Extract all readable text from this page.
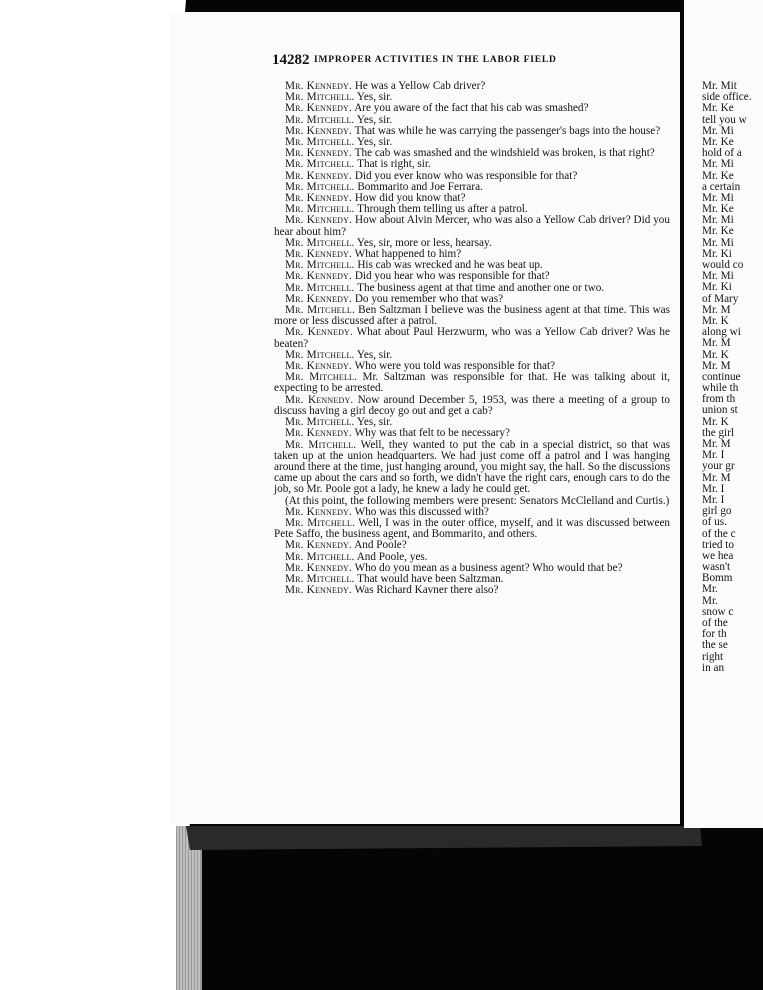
14282 IMPROPER ACTIVITIES IN THE LABOR FIELD

Mr. Kennedy. He was a Yellow Cab driver?

Mr. Mitchell. Yes, sir.

Mr. Kennedy. Are you aware of the fact that his cab was smashed?

Mr. Mitchell. Yes, sir.

Mr. Kennedy. That was while he was carrying the passenger's bags into the house?

Mr. Mitchell. Yes, sir.

Mr. Kennedy. The cab was smashed and the windshield was broken, is that right?

Mr. Mitchell. That is right, sir.

Mr. Kennedy. Did you ever know who was responsible for that?

Mr. Mitchell. Bommarito and Joe Ferrara.

Mr. Kennedy. How did you know that?

Mr. Mitchell. Through them telling us after a patrol.

Mr. Kennedy. How about Alvin Mercer, who was also a Yellow Cab driver? Did you hear about him?

Mr. Mitchell. Yes, sir, more or less, hearsay.

Mr. Kennedy. What happened to him?

Mr. Mitchell. His cab was wrecked and he was beat up.

Mr. Kennedy. Did you hear who was responsible for that?

Mr. Mitchell. The business agent at that time and another one or two.

Mr. Kennedy. Do you remember who that was?

Mr. Mitchell. Ben Saltzman I believe was the business agent at that time. This was more or less discussed after a patrol.

Mr. Kennedy. What about Paul Herzwurm, who was a Yellow Cab driver? Was he beaten?

Mr. Mitchell. Yes, sir.

Mr. Kennedy. Who were you told was responsible for that?

Mr. Mitchell. Mr. Saltzman was responsible for that. He was talking about it, expecting to be arrested.

Mr. Kennedy. Now around December 5, 1953, was there a meeting of a group to discuss having a girl decoy go out and get a cab?

Mr. Mitchell. Yes, sir.

Mr. Kennedy. Why was that felt to be necessary?

Mr. Mitchell. Well, they wanted to put the cab in a special district, so that was taken up at the union headquarters. We had just come off a patrol and I was hanging around there at the time, just hanging around, you might say, the hall. So the discussions came up about the cars and so forth, we didn't have the right cars, enough cars to do the job, so Mr. Poole got a lady, he knew a lady he could get.

(At this point, the following members were present: Senators McClelland and Curtis.)

Mr. Kennedy. Who was this discussed with?

Mr. Mitchell. Well, I was in the outer office, myself, and it was discussed between Pete Saffo, the business agent, and Bommarito, and others.

Mr. Kennedy. And Poole?

Mr. Mitchell. And Poole, yes.

Mr. Kennedy. Who do you mean as a business agent? Who would that be?

Mr. Mitchell. That would have been Saltzman.

Mr. Kennedy. Was Richard Kavner there also?

Mr. Mit
side office.
Mr. Ke
tell you w
Mr. Mi
Mr. Ke
hold of a
Mr. Mi
Mr. Ke
a certain
Mr. Mi
Mr. Ke
Mr. Mi
Mr. Ke
Mr. Mi
Mr. Ki
would co
Mr. Mi
Mr. Ki
of Mary
Mr. M
Mr. K
along wi
Mr. M
Mr. K
Mr. M
continue
while th
from th
union st
Mr. K
the girl
Mr. M
Mr. I
your gr
Mr. M
Mr. I
Mr. I
girl go
of us.
of the c
tried to
we hea
wasn't
Bomm
Mr.
Mr.
snow c
of the
for th
the se
right
in an
